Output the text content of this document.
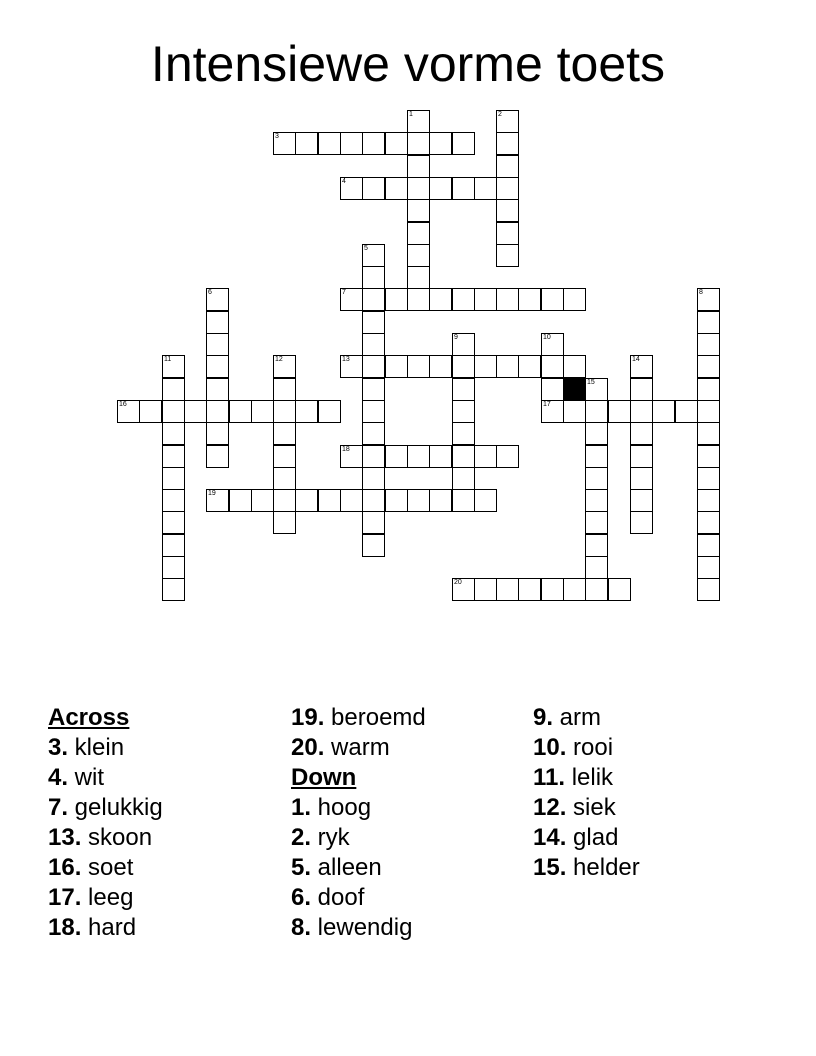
Intensiewe vorme toets
1	2
3
4
5
6	7	8
9	10
11	12	13	14
15
16	17
18
19
20
Across
3. klein
4. wit
7. gelukkig
13. skoon
16. soet
17. leeg
18. hard
19. beroemd
20. warm
Down
1. hoog
2. ryk
5. alleen
6. doof
8. lewendig
9. arm
10. rooi
11. lelik
12. siek
14. glad
15. helder
